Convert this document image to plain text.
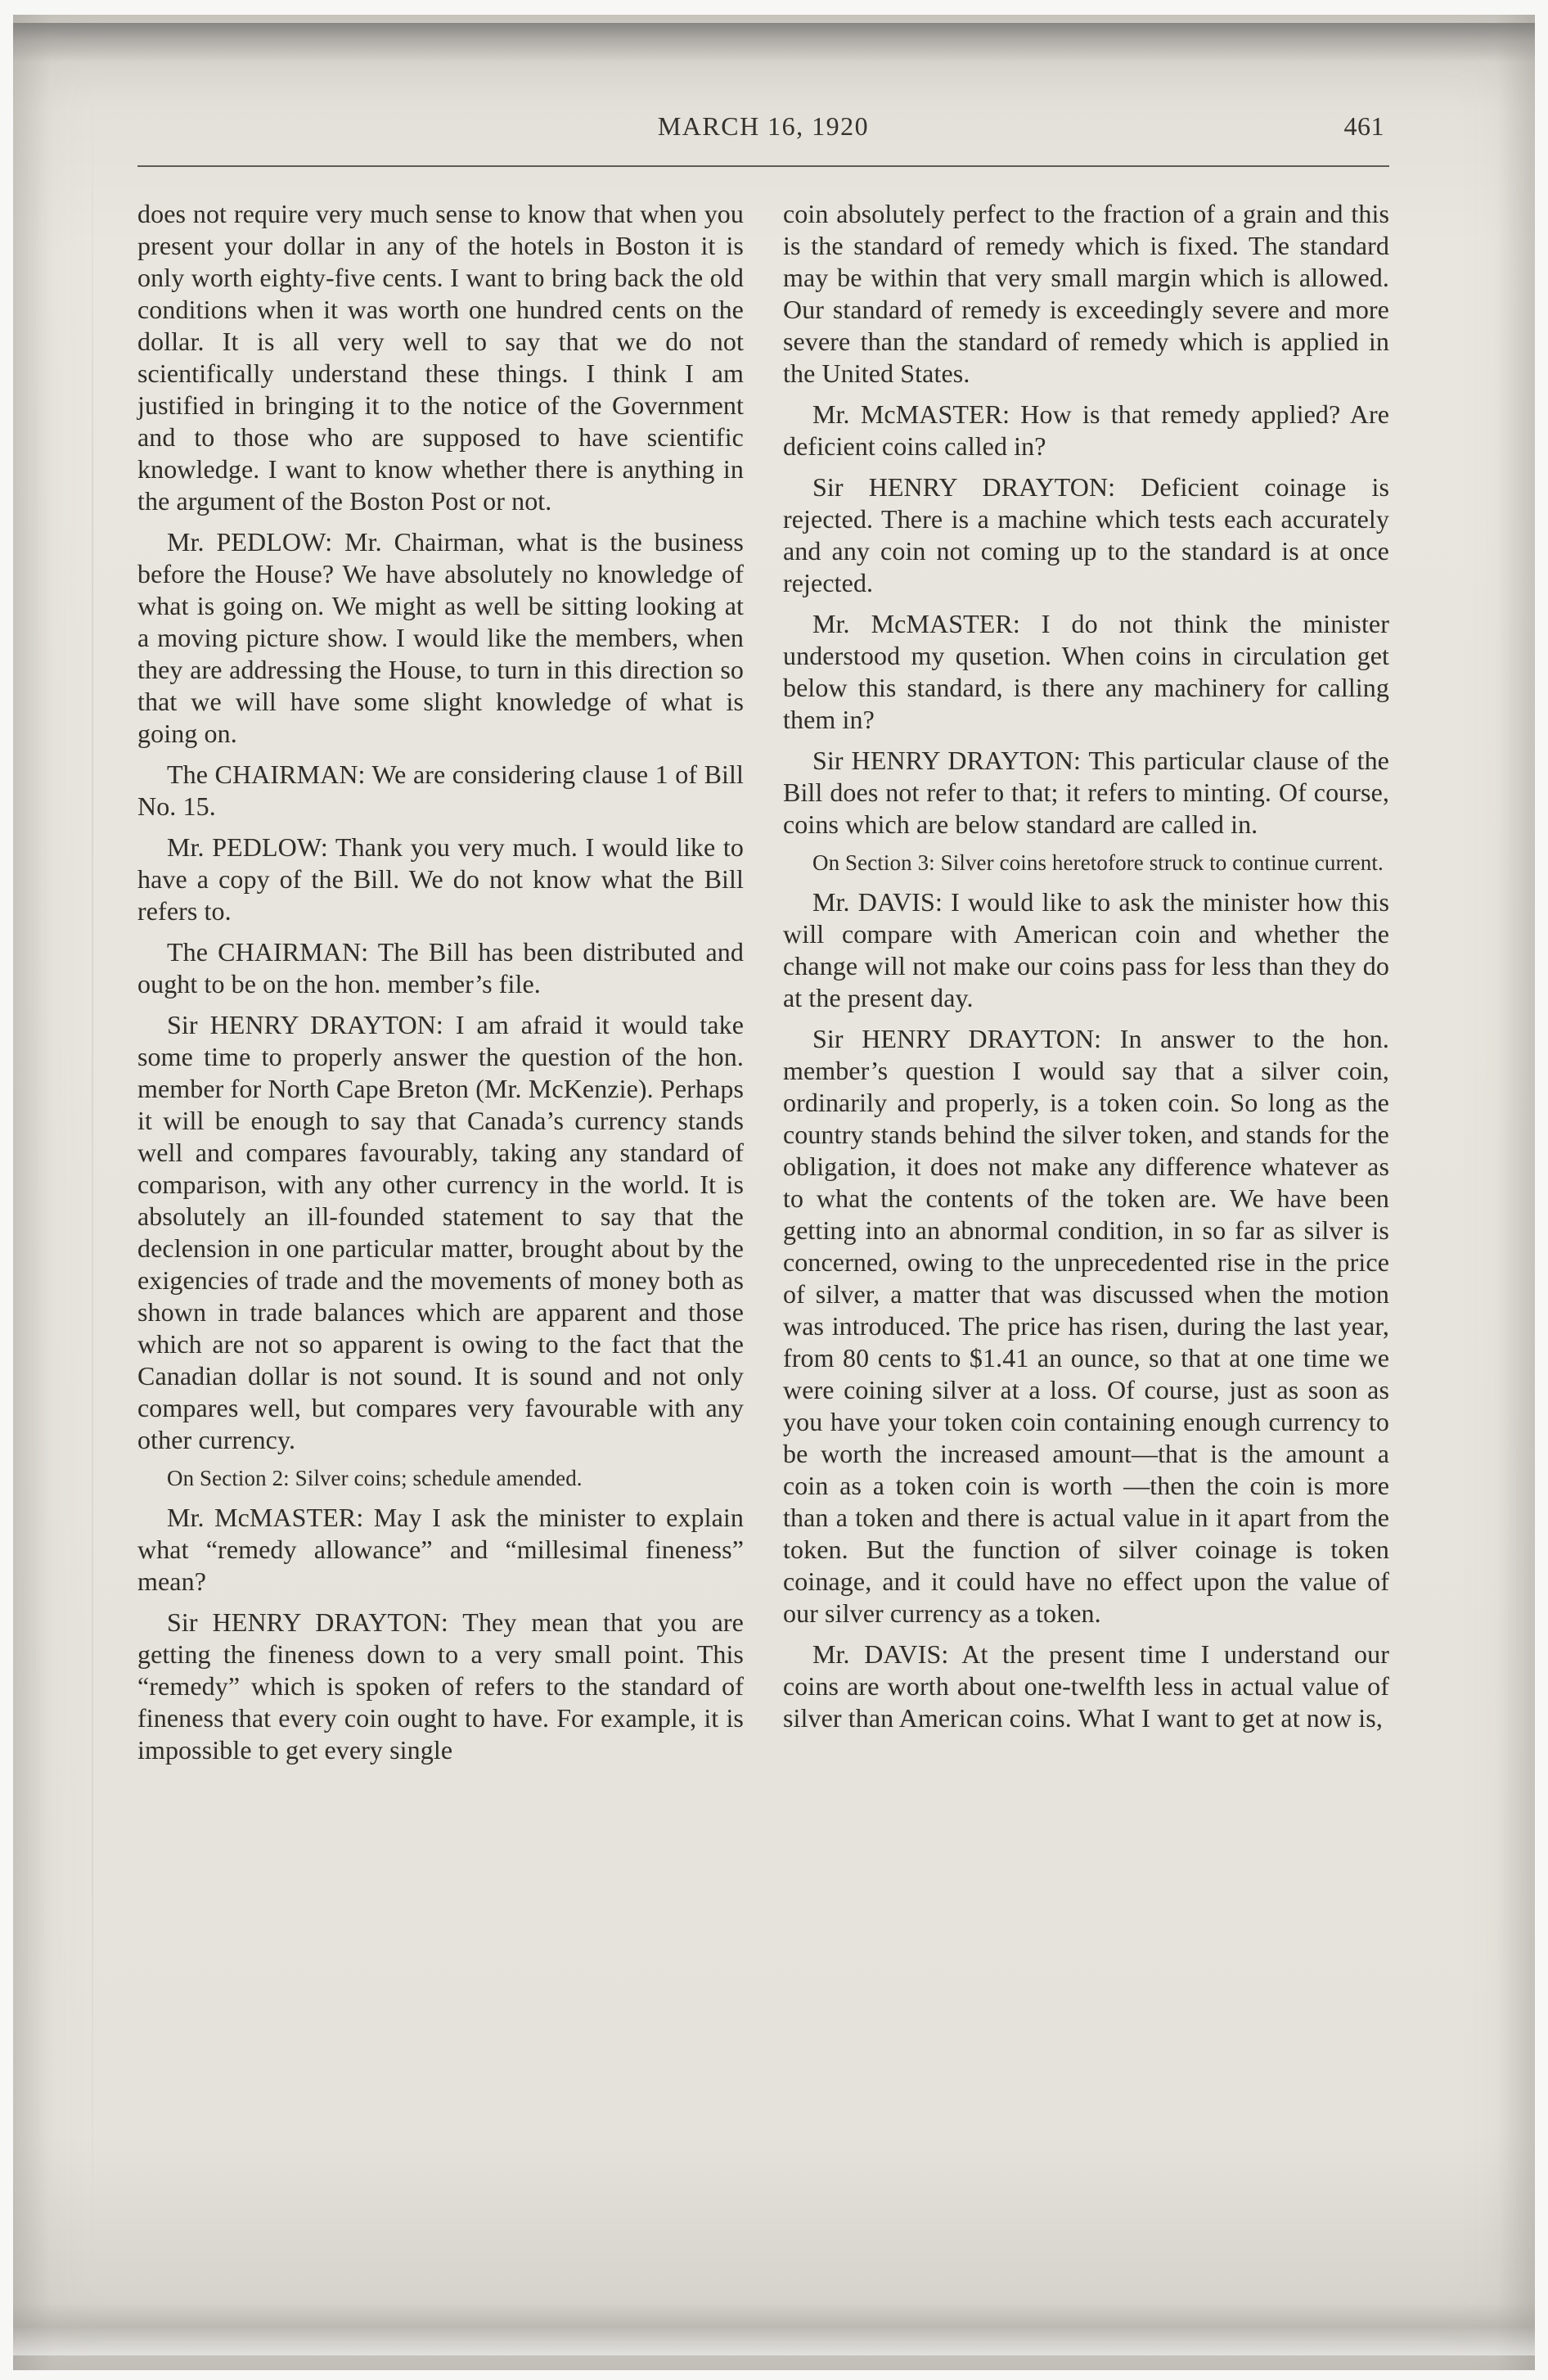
MARCH 16, 1920	461

does not require very much sense to know that when you present your dollar in any of the hotels in Boston it is only worth eighty-five cents. I want to bring back the old conditions when it was worth one hundred cents on the dollar. It is all very well to say that we do not scientifically understand these things. I think I am justified in bringing it to the notice of the Government and to those who are supposed to have scientific knowledge. I want to know whether there is anything in the argument of the Boston Post or not.

Mr. PEDLOW: Mr. Chairman, what is the business before the House? We have absolutely no knowledge of what is going on. We might as well be sitting looking at a moving picture show. I would like the members, when they are addressing the House, to turn in this direction so that we will have some slight knowledge of what is going on.

The CHAIRMAN: We are considering clause 1 of Bill No. 15.

Mr. PEDLOW: Thank you very much. I would like to have a copy of the Bill. We do not know what the Bill refers to.

The CHAIRMAN: The Bill has been distributed and ought to be on the hon. member’s file.

Sir HENRY DRAYTON: I am afraid it would take some time to properly answer the question of the hon. member for North Cape Breton (Mr. McKenzie). Perhaps it will be enough to say that Canada’s currency stands well and compares favourably, taking any standard of comparison, with any other currency in the world. It is absolutely an ill-founded statement to say that the declension in one particular matter, brought about by the exigencies of trade and the movements of money both as shown in trade balances which are apparent and those which are not so apparent is owing to the fact that the Canadian dollar is not sound. It is sound and not only compares well, but compares very favourable with any other currency.

On Section 2: Silver coins; schedule amended.

Mr. McMASTER: May I ask the minister to explain what “remedy allowance” and “millesimal fineness” mean?

Sir HENRY DRAYTON: They mean that you are getting the fineness down to a very small point. This “remedy” which is spoken of refers to the standard of fineness that every coin ought to have. For example, it is impossible to get every single

coin absolutely perfect to the fraction of a grain and this is the standard of remedy which is fixed. The standard may be within that very small margin which is allowed. Our standard of remedy is exceedingly severe and more severe than the standard of remedy which is applied in the United States.

Mr. McMASTER: How is that remedy applied? Are deficient coins called in?

Sir HENRY DRAYTON: Deficient coinage is rejected. There is a machine which tests each accurately and any coin not coming up to the standard is at once rejected.

Mr. McMASTER: I do not think the minister understood my qusetion. When coins in circulation get below this standard, is there any machinery for calling them in?

Sir HENRY DRAYTON: This particular clause of the Bill does not refer to that; it refers to minting. Of course, coins which are below standard are called in.

On Section 3: Silver coins heretofore struck to continue current.

Mr. DAVIS: I would like to ask the minister how this will compare with American coin and whether the change will not make our coins pass for less than they do at the present day.

Sir HENRY DRAYTON: In answer to the hon. member’s question I would say that a silver coin, ordinarily and properly, is a token coin. So long as the country stands behind the silver token, and stands for the obligation, it does not make any difference whatever as to what the contents of the token are. We have been getting into an abnormal condition, in so far as silver is concerned, owing to the unprecedented rise in the price of silver, a matter that was discussed when the motion was introduced. The price has risen, during the last year, from 80 cents to $1.41 an ounce, so that at one time we were coining silver at a loss. Of course, just as soon as you have your token coin containing enough currency to be worth the increased amount—that is the amount a coin as a token coin is worth —then the coin is more than a token and there is actual value in it apart from the token. But the function of silver coinage is token coinage, and it could have no effect upon the value of our silver currency as a token.

Mr. DAVIS: At the present time I understand our coins are worth about one-twelfth less in actual value of silver than American coins. What I want to get at now is,
